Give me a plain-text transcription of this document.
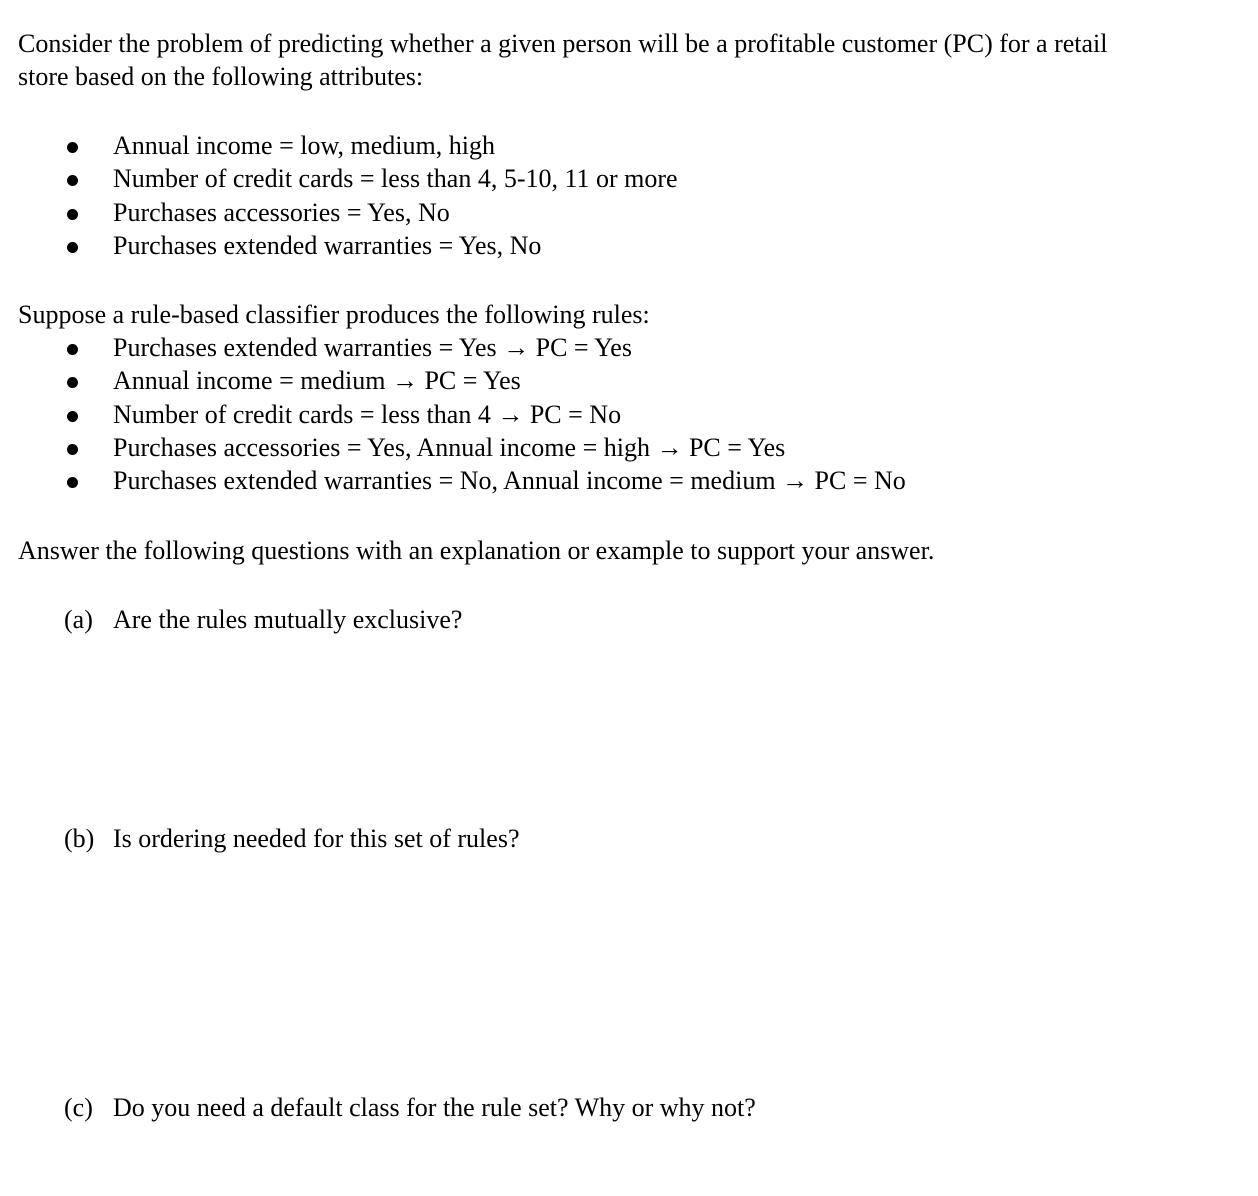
Consider the problem of predicting whether a given person will be a profitable customer (PC) for a retail
store based on the following attributes:
Annual income = low, medium, high
Number of credit cards = less than 4, 5-10, 11 or more
Purchases accessories = Yes, No
Purchases extended warranties = Yes, No
Suppose a rule-based classifier produces the following rules:
Purchases extended warranties = Yes → PC = Yes
Annual income = medium → PC = Yes
Number of credit cards = less than 4 → PC = No
Purchases accessories = Yes, Annual income = high → PC = Yes
Purchases extended warranties = No, Annual income = medium → PC = No
Answer the following questions with an explanation or example to support your answer.
(a) Are the rules mutually exclusive?
(b) Is ordering needed for this set of rules?
(c) Do you need a default class for the rule set? Why or why not?
